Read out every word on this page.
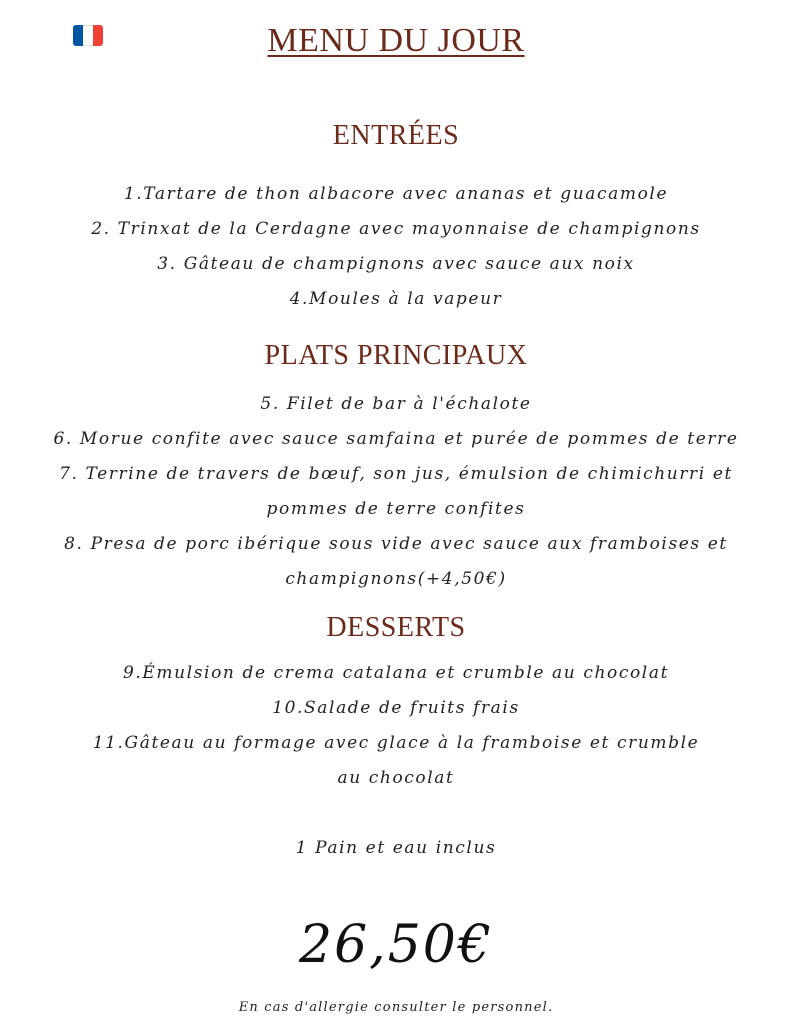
MENU DU JOUR
ENTRÉES
1.Tartare de thon albacore avec ananas et guacamole
2. Trinxat de la Cerdagne avec mayonnaise de champignons
3. Gâteau de champignons avec sauce aux noix
4.Moules à la vapeur
PLATS PRINCIPAUX
5. Filet de bar à l'échalote
6. Morue confite avec sauce samfaina et purée de pommes de terre
7. Terrine de travers de bœuf, son jus, émulsion de chimichurri et
pommes de terre confites
8. Presa de porc ibérique sous vide avec sauce aux framboises et
champignons(+4,50€)
DESSERTS
9.Émulsion de crema catalana et crumble au chocolat
10.Salade de fruits frais
11.Gâteau au formage avec glace à la framboise et crumble
au chocolat
1 Pain et eau inclus
26,50€
En cas d'allergie consulter le personnel.
